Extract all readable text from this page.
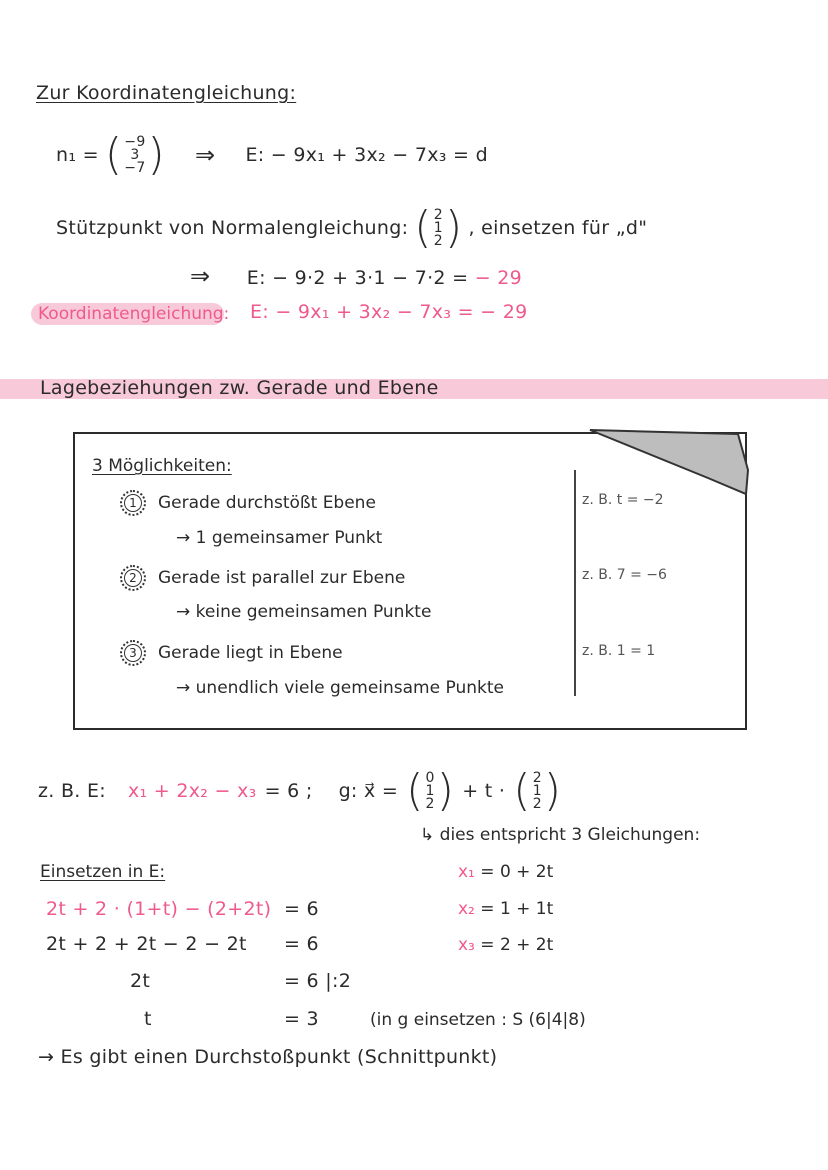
Zur Koordinatengleichung:
n₁ = ( −9
3
−7 ) ⇒ E: − 9x₁ + 3x₂ − 7x₃ = d
Stützpunkt von Normalengleichung: ( 2
1
2 ) , einsetzen für „d"
⇒ E: − 9·2 + 3·1 − 7·2 = − 29
Koordinatengleichung: E: − 9x₁ + 3x₂ − 7x₃ = − 29
Lagebeziehungen zw. Gerade und Ebene
3 Möglichkeiten:
1	Gerade durchstößt Ebene
→ 1 gemeinsamer Punkt
z. B. t = −2
2	Gerade ist parallel zur Ebene
→ keine gemeinsamen Punkte
z. B. 7 = −6
3	Gerade liegt in Ebene
→ unendlich viele gemeinsame Punkte
z. B. 1 = 1
z. B. E: x₁ + 2x₂ − x₃ = 6 ; g: x⃗ = ( 0
1
2 ) + t · ( 2
1
2 )
↳ dies entspricht 3 Gleichungen:
x₁ = 0 + 2t
x₂ = 1 + 1t
x₃ = 2 + 2t
Einsetzen in E:
2t + 2 · (1+t) − (2+2t) = 6
2t + 2 + 2t − 2 − 2t = 6
2t	= 6 |:2
t	= 3	(in g einsetzen : S (6|4|8)
→ Es gibt einen Durchstoßpunkt (Schnittpunkt)
